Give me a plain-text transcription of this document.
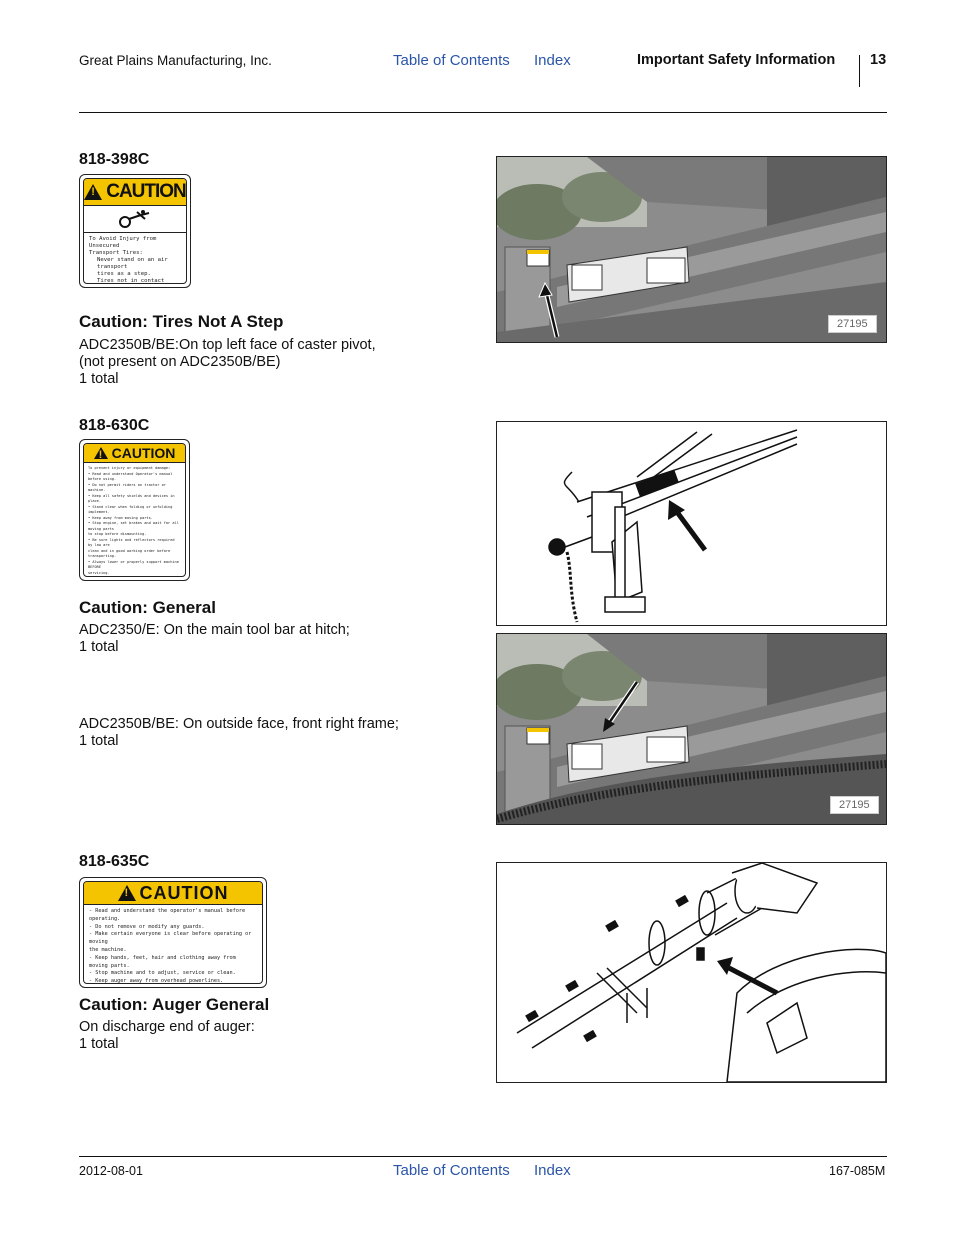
Great Plains Manufacturing, Inc.	Table of Contents Index	Important Safety Information 13
818-398C
!
CAUTION
To Avoid Injury from Unsecured
Transport Tires:
Never stand on an air transport
tires as a step.
Tires not in contact
Caution: Tires Not A Step
ADC2350B/BE:On top left face of caster pivot,
(not present on ADC2350B/BE)
1 total
27195
818-630C
!
CAUTION
To prevent injury or equipment damage:
• Read and understand Operator's manual before using.
• Do not permit riders on tractor or machine.
• Keep all safety shields and devices in place.
• Stand clear when folding or unfolding implement.
• Keep away from moving parts.
• Stop engine, set brakes and wait for all moving parts
to stop before dismounting.
• Be sure lights and reflectors required by law are
clean and in good working order before transporting.
• Always lower or properly support machine BEFORE
servicing.
Caution: General
ADC2350/E: On the main tool bar at hitch;
1 total
ADC2350B/BE: On outside face, front right frame;
1 total
27195
818-635C
!
CAUTION
- Read and understand the operator's manual before operating.
- Do not remove or modify any guards.
- Make certain everyone is clear before operating or moving
the machine.
- Keep hands, feet, hair and clothing away from moving parts.
- Stop machine and to adjust, service or clean.
- Keep auger away from overhead powerlines.
Caution: Auger General
On discharge end of auger:
1 total
2012-08-01	Table of Contents Index	167-085M
